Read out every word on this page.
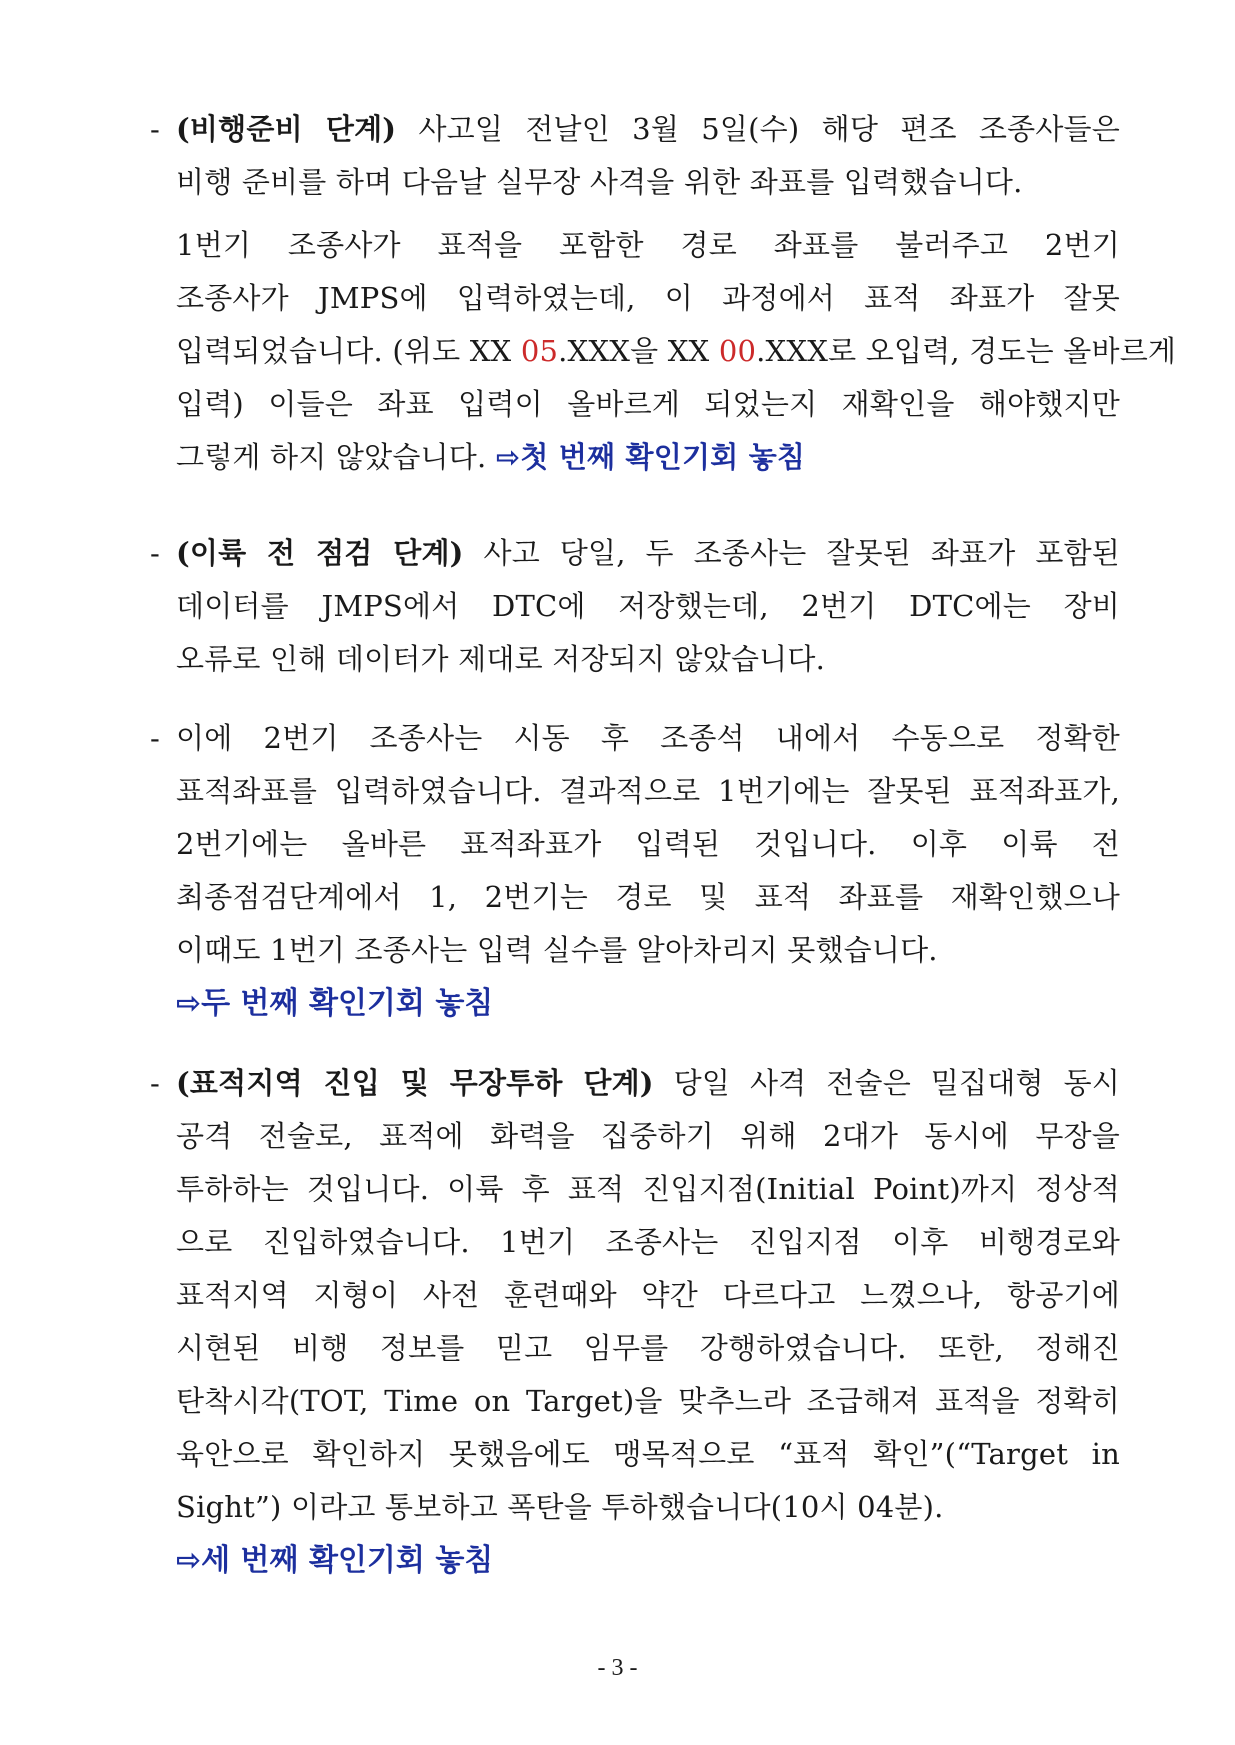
- (비행준비 단계) 사고일 전날인 3월 5일(수) 해당 편조 조종사들은
비행 준비를 하며 다음날 실무장 사격을 위한 좌표를 입력했습니다.
1번기 조종사가 표적을 포함한 경로 좌표를 불러주고 2번기
조종사가 JMPS에 입력하였는데, 이 과정에서 표적 좌표가 잘못
입력되었습니다. (위도 XX 05.XXX을 XX 00.XXX로 오입력, 경도는 올바르게
입력) 이들은 좌표 입력이 올바르게 되었는지 재확인을 해야했지만
그렇게 하지 않았습니다. ⇨첫 번째 확인기회 놓침
- (이륙 전 점검 단계) 사고 당일, 두 조종사는 잘못된 좌표가 포함된
데이터를 JMPS에서 DTC에 저장했는데, 2번기 DTC에는 장비
오류로 인해 데이터가 제대로 저장되지 않았습니다.
- 이에 2번기 조종사는 시동 후 조종석 내에서 수동으로 정확한
표적좌표를 입력하였습니다. 결과적으로 1번기에는 잘못된 표적좌표가,
2번기에는 올바른 표적좌표가 입력된 것입니다. 이후 이륙 전
최종점검단계에서 1, 2번기는 경로 및 표적 좌표를 재확인했으나
이때도 1번기 조종사는 입력 실수를 알아차리지 못했습니다.
⇨두 번째 확인기회 놓침
- (표적지역 진입 및 무장투하 단계) 당일 사격 전술은 밀집대형 동시
공격 전술로, 표적에 화력을 집중하기 위해 2대가 동시에 무장을
투하하는 것입니다. 이륙 후 표적 진입지점(Initial Point)까지 정상적
으로 진입하였습니다. 1번기 조종사는 진입지점 이후 비행경로와
표적지역 지형이 사전 훈련때와 약간 다르다고 느꼈으나, 항공기에
시현된 비행 정보를 믿고 임무를 강행하였습니다. 또한, 정해진
탄착시각(TOT, Time on Target)을 맞추느라 조급해져 표적을 정확히
육안으로 확인하지 못했음에도 맹목적으로 “표적 확인”(“Target in
Sight”) 이라고 통보하고 폭탄을 투하했습니다(10시 04분).
⇨세 번째 확인기회 놓침
- 3 -
